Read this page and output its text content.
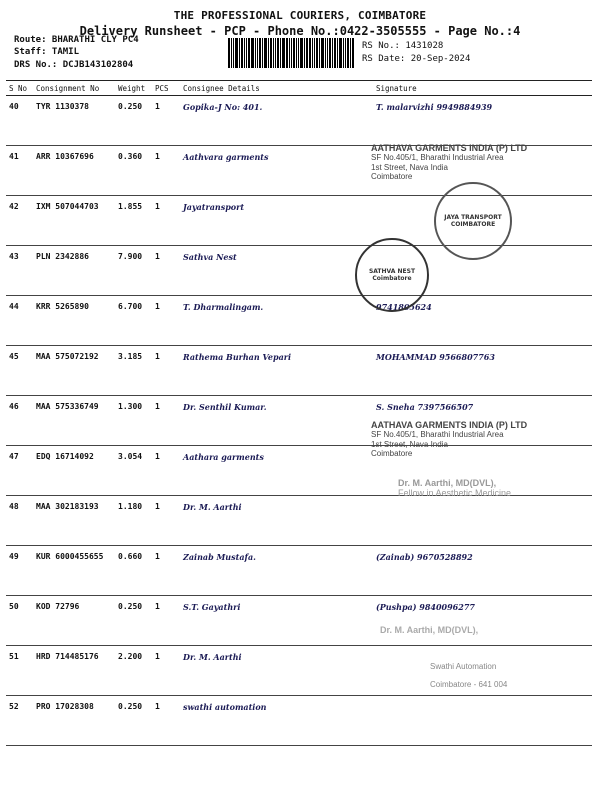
THE PROFESSIONAL COURIERS, COIMBATORE
Delivery Runsheet - PCP - Phone No.:0422-3505555 - Page No.:4
Route: BHARATHI CLY PC4
Staff: TAMIL
DRS No.: DCJB143102804
RS No.: 1431028
RS Date: 20-Sep-2024
S No	Consignment No	Weight	PCS	Consignee Details	Signature
40	TYR 1130378	0.250	1	Gopika-J No: 401.	T. malarvizhi 9949884939
41	ARR 10367696	0.360	1	Aathvara garments	
42	IXM 507044703	1.855	1	Jayatransport	
43	PLN 2342886	7.900	1	Sathva Nest	
44	KRR 5265890	6.700	1	T. Dharmalingam.	9741805624
45	MAA 575072192	3.185	1	Rathema Burhan Vepari	MOHAMMAD 9566807763
46	MAA 575336749	1.300	1	Dr. Senthil Kumar.	S. Sneha 7397566507
47	EDQ 16714092	3.054	1	Aathara garments	
48	MAA 302183193	1.180	1	Dr. M. Aarthi	
49	KUR 6000455655	0.660	1	Zainab Mustafa.	(Zainab) 9670528892
50	KOD 72796	0.250	1	S.T. Gayathri	(Pushpa) 9840096277
51	HRD 714485176	2.200	1	Dr. M. Aarthi	
52	PRO 17028308	0.250	1	swathi automation	
AATHAVA GARMENTS INDIA (P) LTD
SF No.405/1, Bharathi Industrial Area
1st Street, Nava India
Coimbatore
AATHAVA GARMENTS INDIA (P) LTD
SF No.405/1, Bharathi Industrial Area
1st Street, Nava India
Coimbatore
Dr. M. Aarthi, MD(DVL),
Fellow in Aesthetic Medicine
Dr. M. Aarthi, MD(DVL),
Swathi Automation

Coimbatore - 641 004
SATHVA NEST Coimbatore
JAYA TRANSPORT COIMBATORE
